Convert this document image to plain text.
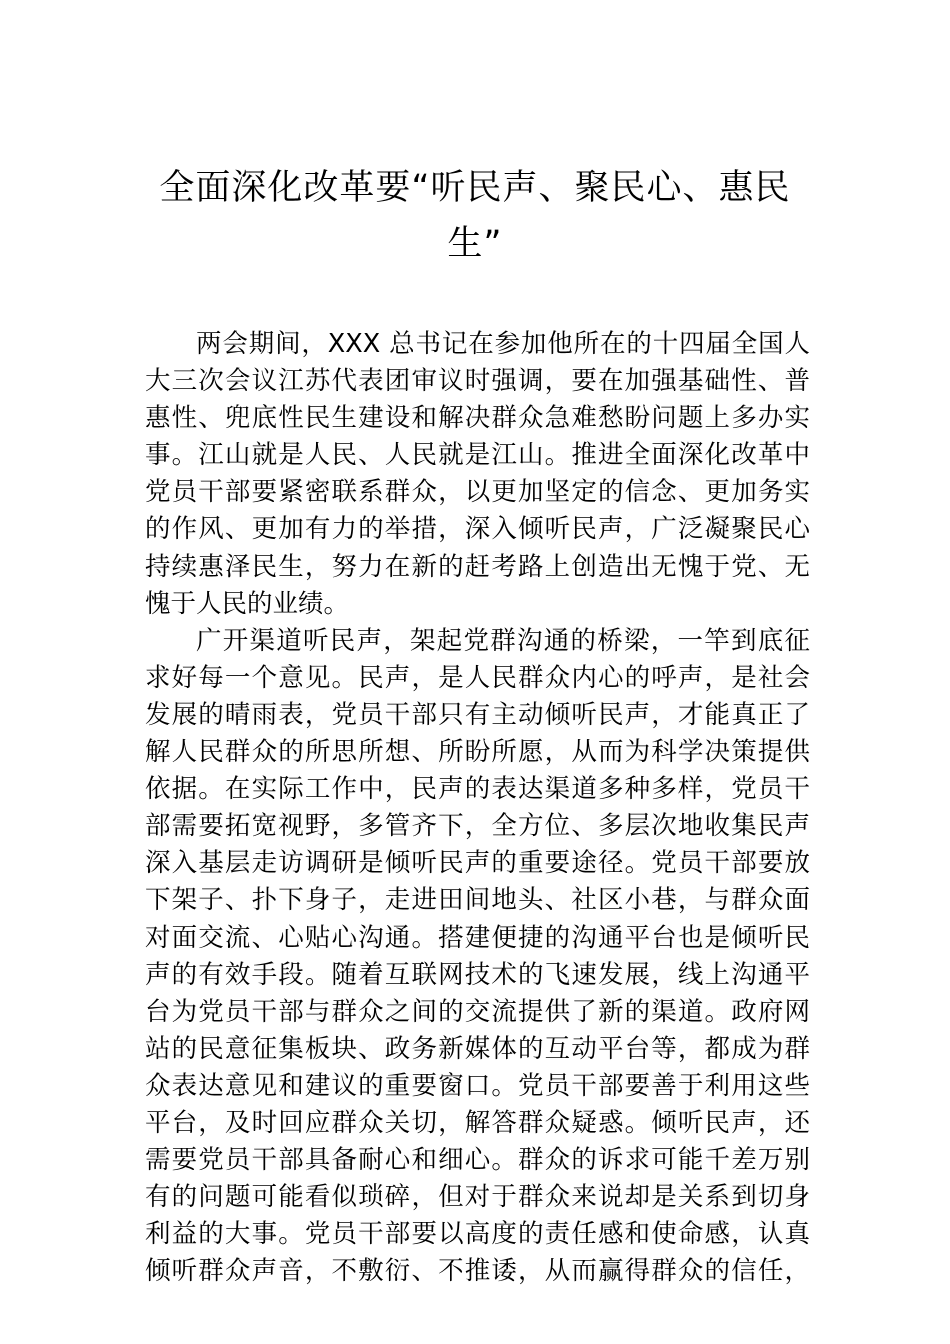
全面深化改革要“听民声、聚民心、惠民
生”
两会期间，XXX 总书记在参加他所在的十四届全国人
大三次会议江苏代表团审议时强调，要在加强基础性、普
惠性、兜底性民生建设和解决群众急难愁盼问题上多办实
事。江山就是人民、人民就是江山。推进全面深化改革中
党员干部要紧密联系群众，以更加坚定的信念、更加务实
的作风、更加有力的举措，深入倾听民声，广泛凝聚民心
持续惠泽民生，努力在新的赶考路上创造出无愧于党、无
愧于人民的业绩。
广开渠道听民声，架起党群沟通的桥梁，一竿到底征
求好每一个意见。民声，是人民群众内心的呼声，是社会
发展的晴雨表，党员干部只有主动倾听民声，才能真正了
解人民群众的所思所想、所盼所愿，从而为科学决策提供
依据。在实际工作中，民声的表达渠道多种多样，党员干
部需要拓宽视野，多管齐下，全方位、多层次地收集民声
深入基层走访调研是倾听民声的重要途径。党员干部要放
下架子、扑下身子，走进田间地头、社区小巷，与群众面
对面交流、心贴心沟通。搭建便捷的沟通平台也是倾听民
声的有效手段。随着互联网技术的飞速发展，线上沟通平
台为党员干部与群众之间的交流提供了新的渠道。政府网
站的民意征集板块、政务新媒体的互动平台等，都成为群
众表达意见和建议的重要窗口。党员干部要善于利用这些
平台，及时回应群众关切，解答群众疑惑。倾听民声，还
需要党员干部具备耐心和细心。群众的诉求可能千差万别
有的问题可能看似琐碎，但对于群众来说却是关系到切身
利益的大事。党员干部要以高度的责任感和使命感，认真
倾听群众声音，不敷衍、不推诿，从而赢得群众的信任，
